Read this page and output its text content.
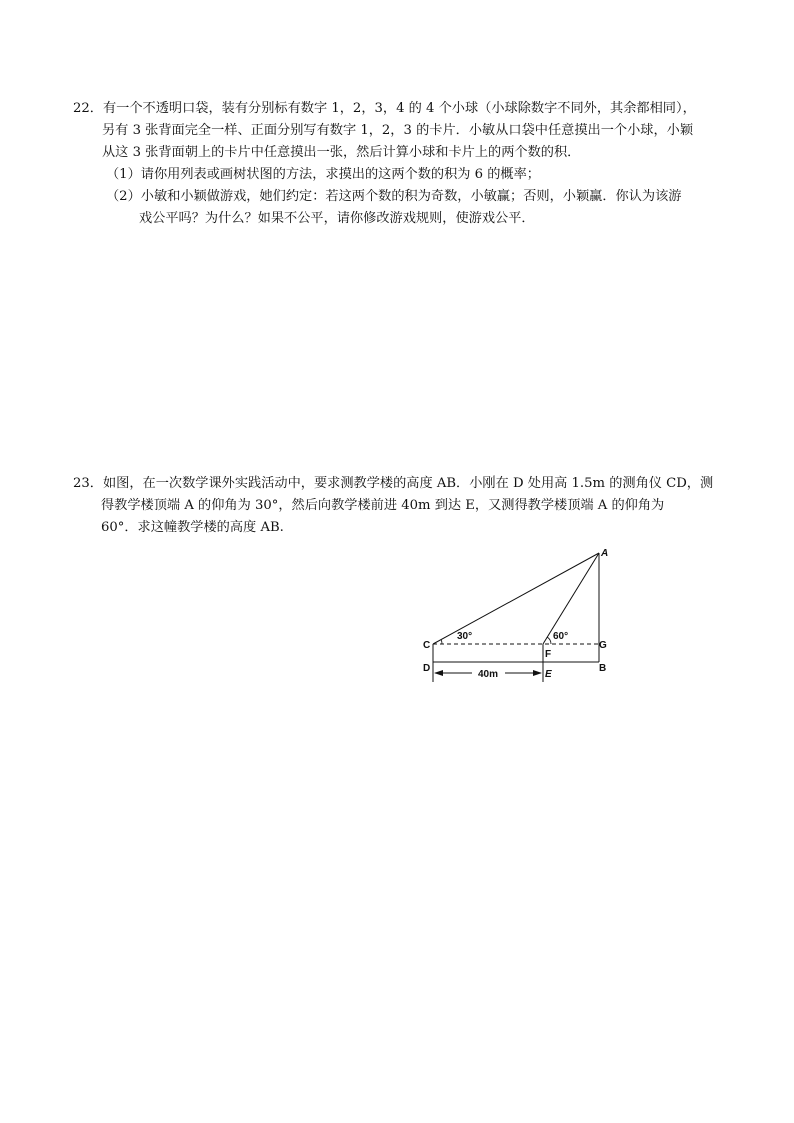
22．有一个不透明口袋，装有分别标有数字 1，2，3，4 的 4 个小球（小球除数字不同外，其余都相同），
另有 3 张背面完全一样、正面分别写有数字 1，2，3 的卡片．小敏从口袋中任意摸出一个小球，小颖
从这 3 张背面朝上的卡片中任意摸出一张，然后计算小球和卡片上的两个数的积．
（1）请你用列表或画树状图的方法，求摸出的这两个数的积为 6 的概率；
（2）小敏和小颖做游戏，她们约定：若这两个数的积为奇数，小敏赢；否则，小颖赢．你认为该游
戏公平吗？为什么？如果不公平，请你修改游戏规则，使游戏公平．
23．如图，在一次数学课外实践活动中，要求测教学楼的高度 AB．小刚在 D 处用高 1.5m 的测角仪 CD，测
得教学楼顶端 A 的仰角为 30°，然后向教学楼前进 40m 到达 E，又测得教学楼顶端 A 的仰角为
60°．求这幢教学楼的高度 AB.
40m
30°	60°
A
C
D
F
E
G
B
